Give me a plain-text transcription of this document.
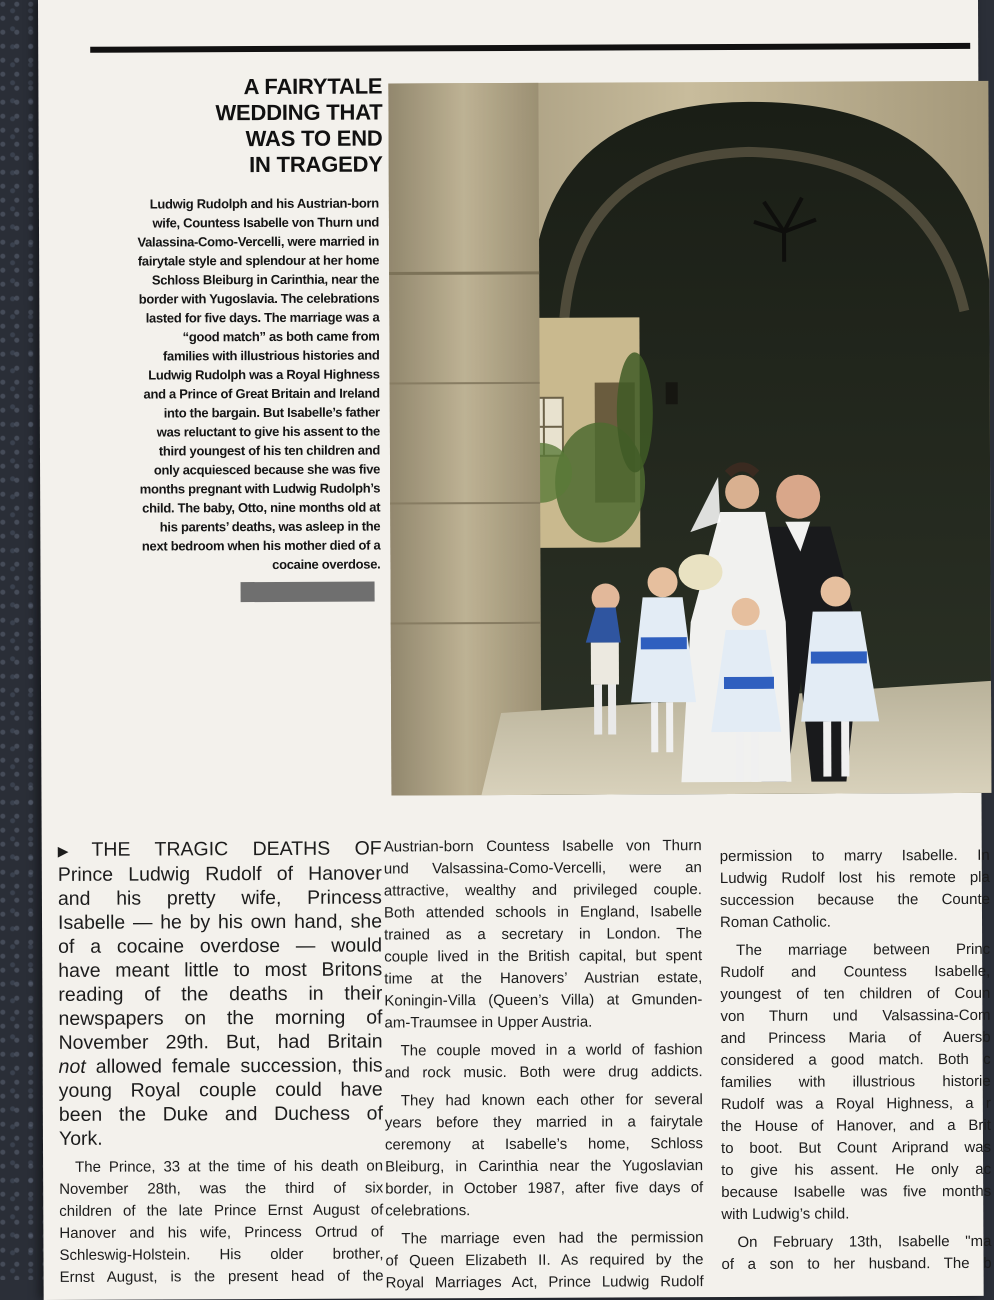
A FAIRYTALE
WEDDING THAT
WAS TO END
IN TRAGEDY
Ludwig Rudolph and his Austrian-born
wife, Countess Isabelle von Thurn und
Valassina-Como-Vercelli, were married in
fairytale style and splendour at her home
Schloss Bleiburg in Carinthia, near the
border with Yugoslavia. The celebrations
lasted for five days. The marriage was a
“good match” as both came from
families with illustrious histories and
Ludwig Rudolph was a Royal Highness
and a Prince of Great Britain and Ireland
into the bargain. But Isabelle’s father
was reluctant to give his assent to the
third youngest of his ten children and
only acquiesced because she was five
months pregnant with Ludwig Rudolph’s
child. The baby, Otto, nine months old at
his parents’ deaths, was asleep in the
next bedroom when his mother died of a
cocaine overdose.

▶ THE TRAGIC DEATHS OF
Prince Ludwig Rudolf of Hanover
and his pretty wife, Princess
Isabelle — he by his own hand, she
of a cocaine overdose — would
have meant little to most Britons
reading of the deaths in their
newspapers on the morning of
November 29th. But, had Britain
not allowed female succession, this
young Royal couple could have
been the Duke and Duchess of
York.

The Prince, 33 at the time of his death on
November 28th, was the third of six
children of the late Prince Ernst August of
Hanover and his wife, Princess Ortrud of
Schleswig-Holstein. His older brother,
Ernst August, is the present head of the

Austrian-born Countess Isabelle von Thurn
und Valsassina-Como-Vercelli, were an
attractive, wealthy and privileged couple.
Both attended schools in England, Isabelle
trained as a secretary in London. The
couple lived in the British capital, but spent
time at the Hanovers’ Austrian estate,
Koningin-Villa (Queen’s Villa) at Gmunden-
am-Traumsee in Upper Austria.

The couple moved in a world of fashion
and rock music. Both were drug addicts.

They had known each other for several
years before they married in a fairytale
ceremony at Isabelle’s home, Schloss
Bleiburg, in Carinthia near the Yugoslavian
border, in October 1987, after five days of
celebrations.

The marriage even had the permission
of Queen Elizabeth II. As required by the
Royal Marriages Act, Prince Ludwig Rudolf

permission to marry Isabelle. In
Ludwig Rudolf lost his remote pla
succession because the Counte
Roman Catholic.

The marriage between Princ
Rudolf and Countess Isabelle,
youngest of ten children of Coun
von Thurn und Valsassina-Com
and Princess Maria of Auersb
considered a good match. Both c
families with illustrious historie
Rudolf was a Royal Highness, a r
the House of Hanover, and a Brit
to boot. But Count Ariprand was
to give his assent. He only ac
because Isabelle was five months
with Ludwig’s child.

On February 13th, Isabelle "ma
of a son to her husband. The b
